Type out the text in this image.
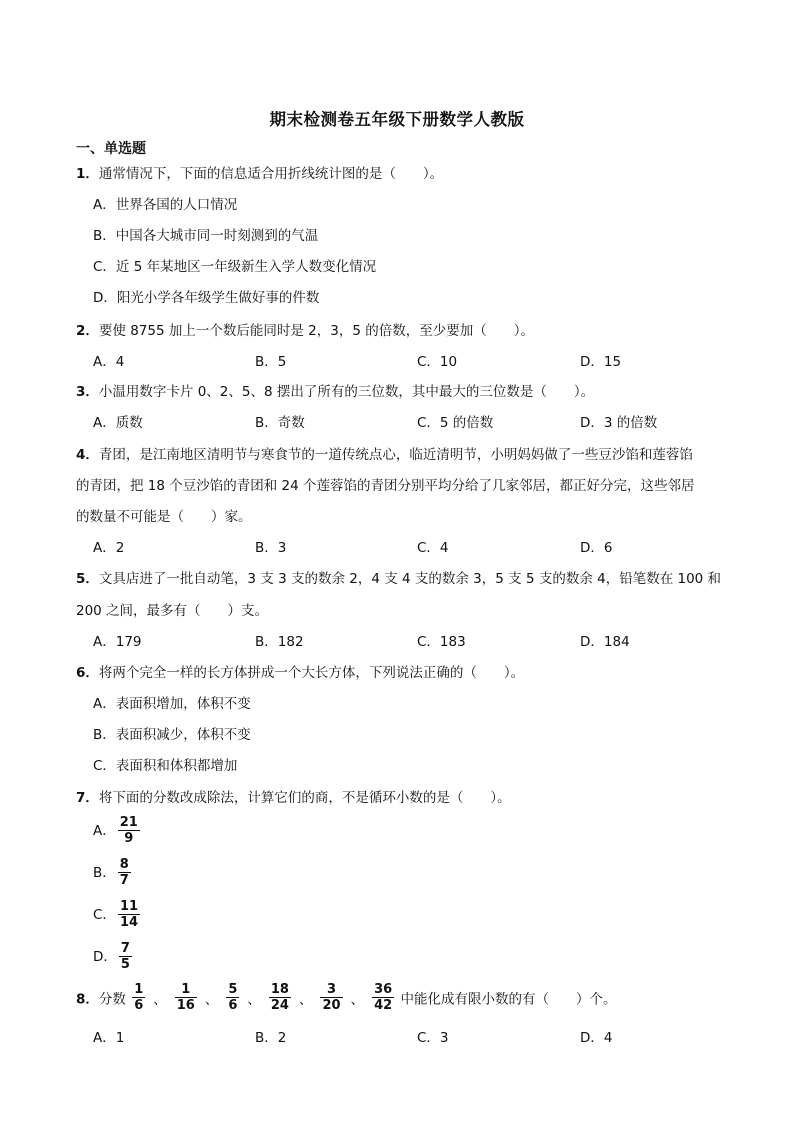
期末检测卷五年级下册数学人教版
一、单选题
1．通常情况下，下面的信息适合用折线统计图的是（　　）。
A．世界各国的人口情况
B．中国各大城市同一时刻测到的气温
C．近 5 年某地区一年级新生入学人数变化情况
D．阳光小学各年级学生做好事的件数
2．要使 8755 加上一个数后能同时是 2，3，5 的倍数，至少要加（　　）。
A．4	B．5	C．10	D．15
3．小温用数字卡片 0、2、5、8 摆出了所有的三位数，其中最大的三位数是（　　）。
A．质数	B．奇数	C．5 的倍数	D．3 的倍数
4．青团，是江南地区清明节与寒食节的一道传统点心，临近清明节，小明妈妈做了一些豆沙馅和莲蓉馅
的青团，把 18 个豆沙馅的青团和 24 个莲蓉馅的青团分别平均分给了几家邻居，都正好分完，这些邻居
的数量不可能是（　　）家。
A．2	B．3	C．4	D．6
5．文具店进了一批自动笔，3 支 3 支的数余 2，4 支 4 支的数余 3，5 支 5 支的数余 4，铅笔数在 100 和
200 之间，最多有（　　）支。
A．179	B．182	C．183	D．184
6．将两个完全一样的长方体拼成一个大长方体，下列说法正确的（　　）。
A．表面积增加，体积不变
B．表面积减少，体积不变
C．表面积和体积都增加
7．将下面的分数改成除法，计算它们的商，不是循环小数的是（　　）。
A． $\frac{21}{9}$
B． $\frac{8}{7}$
C． $\frac{11}{14}$
D． $\frac{7}{5}$
8．分数 $\frac{1}{6}$ 、 $\frac{1}{16}$ 、 $\frac{5}{6}$ 、 $\frac{18}{24}$ 、 $\frac{3}{20}$ 、 $\frac{36}{42}$ 中能化成有限小数的有（　　）个。
A．1	B．2	C．3	D．4
